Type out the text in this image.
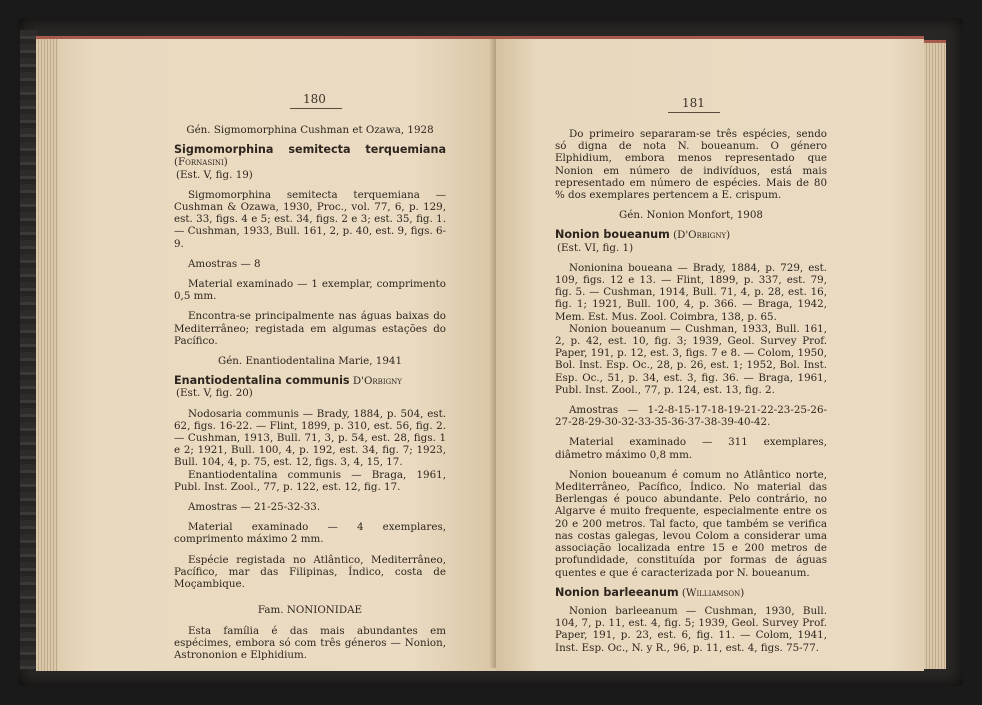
180

Gén. Sigmomorphina Cushman et Ozawa, 1928

Sigmomorphina semitecta terquemiana (Fornasini)

(Est. V, fig. 19)

Sigmomorphina semitecta terquemiana — Cushman & Ozawa, 1930, Proc., vol. 77, 6, p. 129, est. 33, figs. 4 e 5; est. 34, figs. 2 e 3; est. 35, fig. 1. — Cushman, 1933, Bull. 161, 2, p. 40, est. 9, figs. 6-9.

Amostras — 8

Material examinado — 1 exemplar, comprimento 0,5 mm.

Encontra-se principalmente nas águas baixas do Mediterrâneo; registada em algumas estações do Pacífico.

Gén. Enantiodentalina Marie, 1941

Enantiodentalina communis D'Orbigny

(Est. V, fig. 20)

Nodosaria communis — Brady, 1884, p. 504, est. 62, figs. 16-22. — Flint, 1899, p. 310, est. 56, fig. 2. — Cushman, 1913, Bull. 71, 3, p. 54, est. 28, figs. 1 e 2; 1921, Bull. 100, 4, p. 192, est. 34, fig. 7; 1923, Bull. 104, 4, p. 75, est. 12, figs. 3, 4, 15, 17.

Enantiodentalina communis — Braga, 1961, Publ. Inst. Zool., 77, p. 122, est. 12, fig. 17.

Amostras — 21-25-32-33.

Material examinado — 4 exemplares, comprimento máximo 2 mm.

Espécie registada no Atlântico, Mediterrâneo, Pacífico, mar das Filipinas, Índico, costa de Moçambique.

Fam. NONIONIDAE

Esta família é das mais abundantes em espécimes, embora só com três géneros — Nonion, Astrononion e Elphidium.

181

Do primeiro separaram-se três espécies, sendo só digna de nota N. boueanum. O género Elphidium, embora menos representado que Nonion em número de indivíduos, está mais representado em número de espécies. Mais de 80 % dos exemplares pertencem a E. crispum.

Gén. Nonion Monfort, 1908

Nonion boueanum (D'Orbigny)

(Est. VI, fig. 1)

Nonionina boueana — Brady, 1884, p. 729, est. 109, figs. 12 e 13. — Flint, 1899, p. 337, est. 79, fig. 5. — Cushman, 1914, Bull. 71, 4, p. 28, est. 16, fig. 1; 1921, Bull. 100, 4, p. 366. — Braga, 1942, Mem. Est. Mus. Zool. Coimbra, 138, p. 65.

Nonion boueanum — Cushman, 1933, Bull. 161, 2, p. 42, est. 10, fig. 3; 1939, Geol. Survey Prof. Paper, 191, p. 12, est. 3, figs. 7 e 8. — Colom, 1950, Bol. Inst. Esp. Oc., 28, p. 26, est. 1; 1952, Bol. Inst. Esp. Oc., 51, p. 34, est. 3, fig. 36. — Braga, 1961, Publ. Inst. Zool., 77, p. 124, est. 13, fig. 2.

Amostras — 1-2-8-15-17-18-19-21-22-23-25-26-27-28-29-30-32-33-35-36-37-38-39-40-42.

Material examinado — 311 exemplares, diâmetro máximo 0,8 mm.

Nonion boueanum é comum no Atlântico norte, Mediterrâneo, Pacífico, Índico. No material das Berlengas é pouco abundante. Pelo contrário, no Algarve é muito frequente, especialmente entre os 20 e 200 metros. Tal facto, que também se verifica nas costas galegas, levou Colom a considerar uma associação localizada entre 15 e 200 metros de profundidade, constituída por formas de águas quentes e que é caracterizada por N. boueanum.

Nonion barleeanum (Williamson)

Nonion barleeanum — Cushman, 1930, Bull. 104, 7, p. 11, est. 4, fig. 5; 1939, Geol. Survey Prof. Paper, 191, p. 23, est. 6, fig. 11. — Colom, 1941, Inst. Esp. Oc., N. y R., 96, p. 11, est. 4, figs. 75-77.
